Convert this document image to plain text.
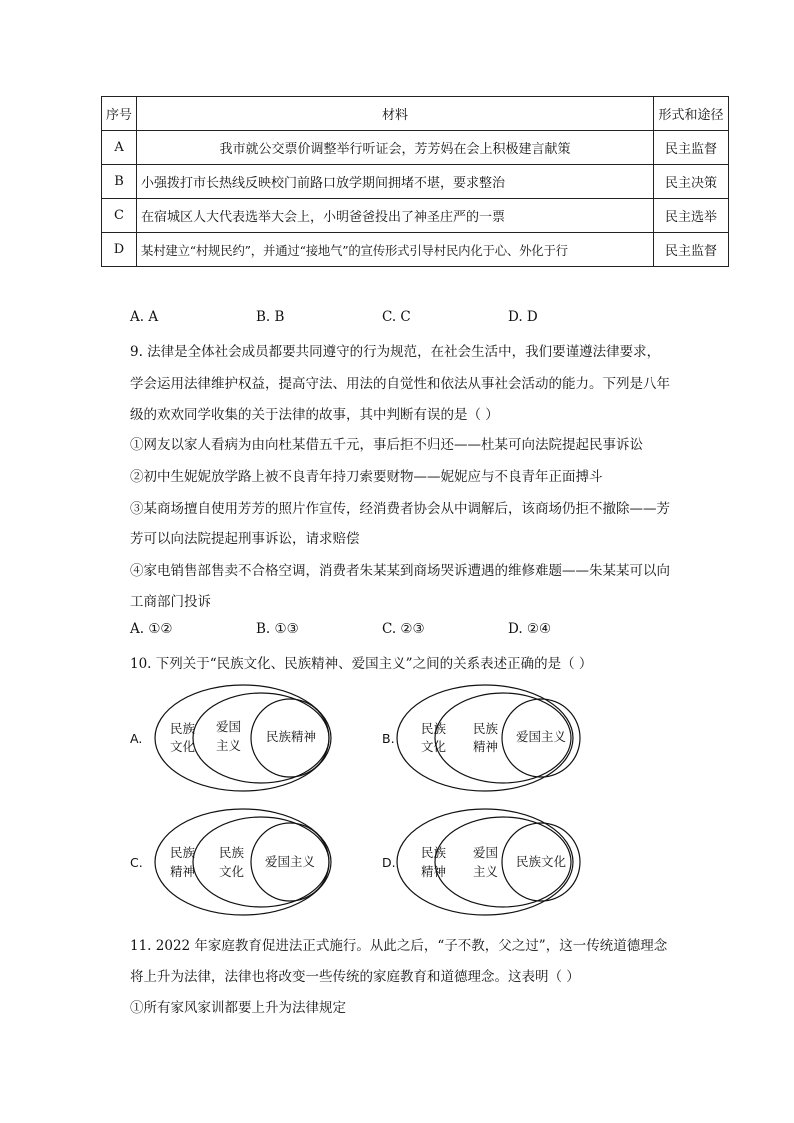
序号	材料	形式和途径
A	我市就公交票价调整举行听证会，芳芳妈在会上积极建言献策	民主监督
B	小强拨打市长热线反映校门前路口放学期间拥堵不堪，要求整治	民主决策
C	在宿城区人大代表选举大会上，小明爸爸投出了神圣庄严的一票	民主选举
D	某村建立“村规民约”，并通过“接地气”的宣传形式引导村民内化于心、外化于行	民主监督
A. A	B. B	C. C	D. D
9. 法律是全体社会成员都要共同遵守的行为规范，在社会生活中，我们要谨遵法律要求，
学会运用法律维护权益，提高守法、用法的自觉性和依法从事社会活动的能力。下列是八年
级的欢欢同学收集的关于法律的故事，其中判断有误的是（ ）
①网友以家人看病为由向杜某借五千元，事后拒不归还——杜某可向法院提起民事诉讼
②初中生妮妮放学路上被不良青年持刀索要财物——妮妮应与不良青年正面搏斗
③某商场擅自使用芳芳的照片作宣传，经消费者协会从中调解后，该商场仍拒不撤除——芳
芳可以向法院提起刑事诉讼，请求赔偿
④家电销售部售卖不合格空调，消费者朱某某到商场哭诉遭遇的维修难题——朱某某可以向
工商部门投诉
A. ①②	B. ①③	C. ②③	D. ②④
10. 下列关于“民族文化、民族精神、爱国主义”之间的关系表述正确的是（ ）
A.
民族
文化
爱国
主义
民族精神	B.
民族
文化
民族
精神
爱国主义
C.
民族
精神
民族
文化
爱国主义	D.
民族
精神
爱国
主义
民族文化
11. 2022 年家庭教育促进法正式施行。从此之后，“子不教，父之过”，这一传统道德理念
将上升为法律，法律也将改变一些传统的家庭教育和道德理念。这表明（ ）
①所有家风家训都要上升为法律规定
